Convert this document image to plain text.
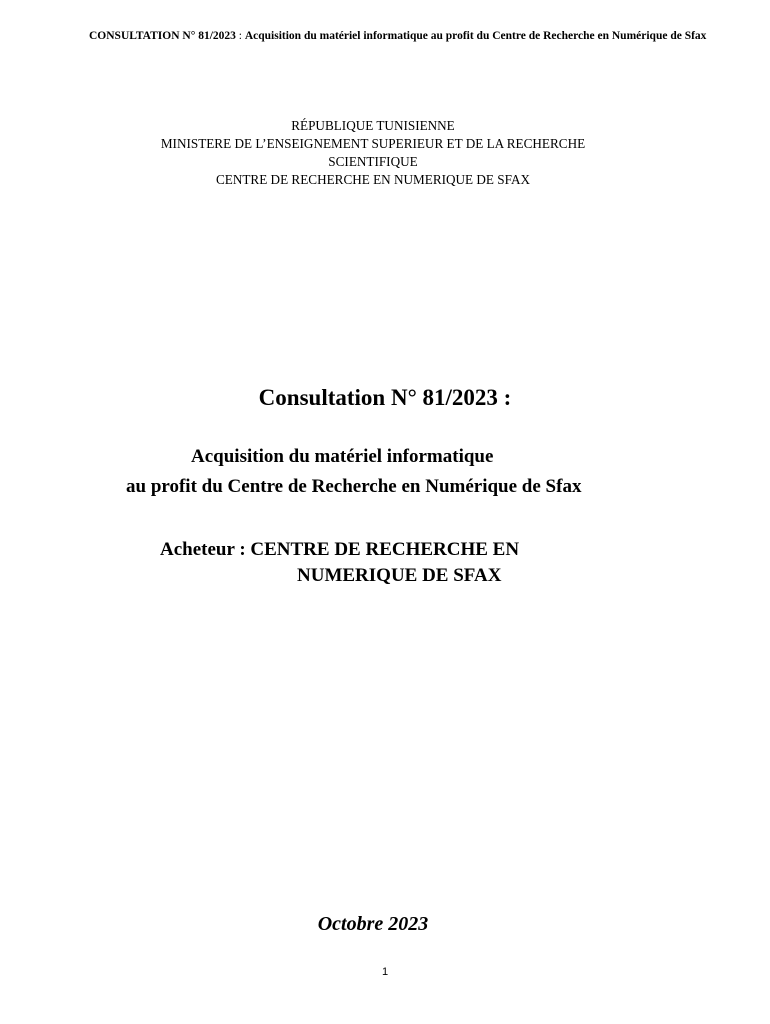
CONSULTATION N° 81/2023 : Acquisition du matériel informatique au profit du Centre de Recherche en Numérique de Sfax
RÉPUBLIQUE TUNISIENNE
MINISTERE DE L’ENSEIGNEMENT SUPERIEUR ET DE LA RECHERCHE
SCIENTIFIQUE
CENTRE DE RECHERCHE EN NUMERIQUE DE SFAX
Consultation N° 81/2023 :
Acquisition du matériel informatique
au profit du Centre de Recherche en Numérique de Sfax
Acheteur : CENTRE DE RECHERCHE EN
NUMERIQUE DE SFAX
Octobre 2023
1
